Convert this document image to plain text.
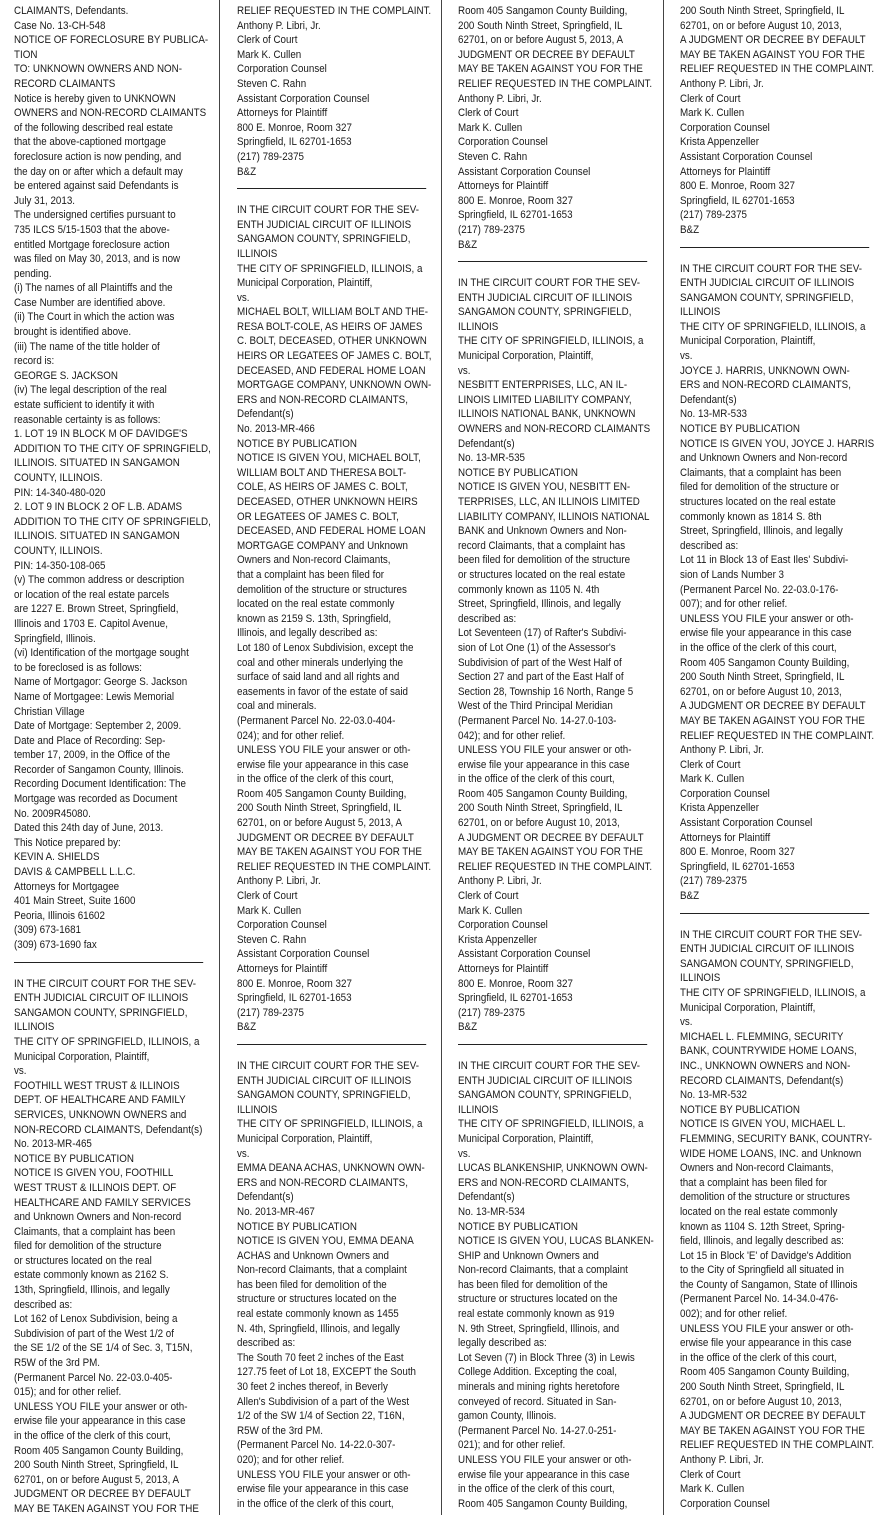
CLAIMANTS, Defendants.
Case No. 13-CH-548
NOTICE OF FORECLOSURE BY PUBLICA-
TION
TO: UNKNOWN OWNERS AND NON-
RECORD CLAIMANTS
Notice is hereby given to UNKNOWN
OWNERS and NON-RECORD CLAIMANTS
of the following described real estate
that the above-captioned mortgage
foreclosure action is now pending, and
the day on or after which a default may
be entered against said Defendants is
July 31, 2013.
The undersigned certifies pursuant to
735 ILCS 5/15-1503 that the above-
entitled Mortgage foreclosure action
was filed on May 30, 2013, and is now
pending.
(i) The names of all Plaintiffs and the
Case Number are identified above.
(ii) The Court in which the action was
brought is identified above.
(iii) The name of the title holder of
record is:
GEORGE S. JACKSON
(iv) The legal description of the real
estate sufficient to identify it with
reasonable certainty is as follows:
1. LOT 19 IN BLOCK M OF DAVIDGE'S
ADDITION TO THE CITY OF SPRINGFIELD,
ILLINOIS. SITUATED IN SANGAMON
COUNTY, ILLINOIS.
PIN: 14-340-480-020
2. LOT 9 IN BLOCK 2 OF L.B. ADAMS
ADDITION TO THE CITY OF SPRINGFIELD,
ILLINOIS. SITUATED IN SANGAMON
COUNTY, ILLINOIS.
PIN: 14-350-108-065
(v) The common address or description
or location of the real estate parcels
are 1227 E. Brown Street, Springfield,
Illinois and 1703 E. Capitol Avenue,
Springfield, Illinois.
(vi) Identification of the mortgage sought
to be foreclosed is as follows:
Name of Mortgagor: George S. Jackson
Name of Mortgagee: Lewis Memorial
Christian Village
Date of Mortgage: September 2, 2009.
Date and Place of Recording: Sep-
tember 17, 2009, in the Office of the
Recorder of Sangamon County, Illinois.
Recording Document Identification: The
Mortgage was recorded as Document
No. 2009R45080.
Dated this 24th day of June, 2013.
This Notice prepared by:
KEVIN A. SHIELDS
DAVIS & CAMPBELL L.L.C.
Attorneys for Mortgagee
401 Main Street, Suite 1600
Peoria, Illinois 61602
(309) 673-1681
(309) 673-1690 fax
IN THE CIRCUIT COURT FOR THE SEV-
ENTH JUDICIAL CIRCUIT OF ILLINOIS
SANGAMON COUNTY, SPRINGFIELD,
ILLINOIS
THE CITY OF SPRINGFIELD, ILLINOIS, a
Municipal Corporation, Plaintiff,
vs.
FOOTHILL WEST TRUST & ILLINOIS
DEPT. OF HEALTHCARE AND FAMILY
SERVICES, UNKNOWN OWNERS and
NON-RECORD CLAIMANTS, Defendant(s)
No. 2013-MR-465
NOTICE BY PUBLICATION
NOTICE IS GIVEN YOU, FOOTHILL
WEST TRUST & ILLINOIS DEPT. OF
HEALTHCARE AND FAMILY SERVICES
and Unknown Owners and Non-record
Claimants, that a complaint has been
filed for demolition of the structure
or structures located on the real
estate commonly known as 2162 S.
13th, Springfield, Illinois, and legally
described as:
Lot 162 of Lenox Subdivision, being a
Subdivision of part of the West 1/2 of
the SE 1/2 of the SE 1/4 of Sec. 3, T15N,
R5W of the 3rd PM.
(Permanent Parcel No. 22-03.0-405-
015); and for other relief.
UNLESS YOU FILE your answer or oth-
erwise file your appearance in this case
in the office of the clerk of this court,
Room 405 Sangamon County Building,
200 South Ninth Street, Springfield, IL
62701, on or before August 5, 2013, A
JUDGMENT OR DECREE BY DEFAULT
MAY BE TAKEN AGAINST YOU FOR THE
RELIEF REQUESTED IN THE COMPLAINT.
Anthony P. Libri, Jr.
Clerk of Court
Mark K. Cullen
Corporation Counsel
Steven C. Rahn
Assistant Corporation Counsel
Attorneys for Plaintiff
800 E. Monroe, Room 327
Springfield, IL 62701-1653
(217) 789-2375
B&Z
IN THE CIRCUIT COURT FOR THE SEV-
ENTH JUDICIAL CIRCUIT OF ILLINOIS
SANGAMON COUNTY, SPRINGFIELD,
ILLINOIS
THE CITY OF SPRINGFIELD, ILLINOIS, a
Municipal Corporation, Plaintiff,
vs.
MICHAEL BOLT, WILLIAM BOLT AND THE-
RESA BOLT-COLE, AS HEIRS OF JAMES
C. BOLT, DECEASED, OTHER UNKNOWN
HEIRS OR LEGATEES OF JAMES C. BOLT,
DECEASED, AND FEDERAL HOME LOAN
MORTGAGE COMPANY, UNKNOWN OWN-
ERS and NON-RECORD CLAIMANTS,
Defendant(s)
No. 2013-MR-466
NOTICE BY PUBLICATION
NOTICE IS GIVEN YOU, MICHAEL BOLT,
WILLIAM BOLT AND THERESA BOLT-
COLE, AS HEIRS OF JAMES C. BOLT,
DECEASED, OTHER UNKNOWN HEIRS
OR LEGATEES OF JAMES C. BOLT,
DECEASED, AND FEDERAL HOME LOAN
MORTGAGE COMPANY and Unknown
Owners and Non-record Claimants,
that a complaint has been filed for
demolition of the structure or structures
located on the real estate commonly
known as 2159 S. 13th, Springfield,
Illinois, and legally described as:
Lot 180 of Lenox Subdivision, except the
coal and other minerals underlying the
surface of said land and all rights and
easements in favor of the estate of said
coal and minerals.
(Permanent Parcel No. 22-03.0-404-
024); and for other relief.
UNLESS YOU FILE your answer or oth-
erwise file your appearance in this case
in the office of the clerk of this court,
Room 405 Sangamon County Building,
200 South Ninth Street, Springfield, IL
62701, on or before August 5, 2013, A
JUDGMENT OR DECREE BY DEFAULT
MAY BE TAKEN AGAINST YOU FOR THE
RELIEF REQUESTED IN THE COMPLAINT.
Anthony P. Libri, Jr.
Clerk of Court
Mark K. Cullen
Corporation Counsel
Steven C. Rahn
Assistant Corporation Counsel
Attorneys for Plaintiff
800 E. Monroe, Room 327
Springfield, IL 62701-1653
(217) 789-2375
B&Z
IN THE CIRCUIT COURT FOR THE SEV-
ENTH JUDICIAL CIRCUIT OF ILLINOIS
SANGAMON COUNTY, SPRINGFIELD,
ILLINOIS
THE CITY OF SPRINGFIELD, ILLINOIS, a
Municipal Corporation, Plaintiff,
vs.
EMMA DEANA ACHAS, UNKNOWN OWN-
ERS and NON-RECORD CLAIMANTS,
Defendant(s)
No. 2013-MR-467
NOTICE BY PUBLICATION
NOTICE IS GIVEN YOU, EMMA DEANA
ACHAS and Unknown Owners and
Non-record Claimants, that a complaint
has been filed for demolition of the
structure or structures located on the
real estate commonly known as 1455
N. 4th, Springfield, Illinois, and legally
described as:
The South 70 feet 2 inches of the East
127.75 feet of Lot 18, EXCEPT the South
30 feet 2 inches thereof, in Beverly
Allen's Subdivision of a part of the West
1/2 of the SW 1/4 of Section 22, T16N,
R5W of the 3rd PM.
(Permanent Parcel No. 14-22.0-307-
020); and for other relief.
UNLESS YOU FILE your answer or oth-
erwise file your appearance in this case
in the office of the clerk of this court,
Room 405 Sangamon County Building,
200 South Ninth Street, Springfield, IL
62701, on or before August 5, 2013, A
JUDGMENT OR DECREE BY DEFAULT
MAY BE TAKEN AGAINST YOU FOR THE
RELIEF REQUESTED IN THE COMPLAINT.
Anthony P. Libri, Jr.
Clerk of Court
Mark K. Cullen
Corporation Counsel
Steven C. Rahn
Assistant Corporation Counsel
Attorneys for Plaintiff
800 E. Monroe, Room 327
Springfield, IL 62701-1653
(217) 789-2375
B&Z
IN THE CIRCUIT COURT FOR THE SEV-
ENTH JUDICIAL CIRCUIT OF ILLINOIS
SANGAMON COUNTY, SPRINGFIELD,
ILLINOIS
THE CITY OF SPRINGFIELD, ILLINOIS, a
Municipal Corporation, Plaintiff,
vs.
NESBITT ENTERPRISES, LLC, AN IL-
LINOIS LIMITED LIABILITY COMPANY,
ILLINOIS NATIONAL BANK, UNKNOWN
OWNERS and NON-RECORD CLAIMANTS
Defendant(s)
No. 13-MR-535
NOTICE BY PUBLICATION
NOTICE IS GIVEN YOU, NESBITT EN-
TERPRISES, LLC, AN ILLINOIS LIMITED
LIABILITY COMPANY, ILLINOIS NATIONAL
BANK and Unknown Owners and Non-
record Claimants, that a complaint has
been filed for demolition of the structure
or structures located on the real estate
commonly known as 1105 N. 4th
Street, Springfield, Illinois, and legally
described as:
Lot Seventeen (17) of Rafter's Subdivi-
sion of Lot One (1) of the Assessor's
Subdivision of part of the West Half of
Section 27 and part of the East Half of
Section 28, Township 16 North, Range 5
West of the Third Principal Meridian
(Permanent Parcel No. 14-27.0-103-
042); and for other relief.
UNLESS YOU FILE your answer or oth-
erwise file your appearance in this case
in the office of the clerk of this court,
Room 405 Sangamon County Building,
200 South Ninth Street, Springfield, IL
62701, on or before August 10, 2013,
A JUDGMENT OR DECREE BY DEFAULT
MAY BE TAKEN AGAINST YOU FOR THE
RELIEF REQUESTED IN THE COMPLAINT.
Anthony P. Libri, Jr.
Clerk of Court
Mark K. Cullen
Corporation Counsel
Krista Appenzeller
Assistant Corporation Counsel
Attorneys for Plaintiff
800 E. Monroe, Room 327
Springfield, IL 62701-1653
(217) 789-2375
B&Z
IN THE CIRCUIT COURT FOR THE SEV-
ENTH JUDICIAL CIRCUIT OF ILLINOIS
SANGAMON COUNTY, SPRINGFIELD,
ILLINOIS
THE CITY OF SPRINGFIELD, ILLINOIS, a
Municipal Corporation, Plaintiff,
vs.
LUCAS BLANKENSHIP, UNKNOWN OWN-
ERS and NON-RECORD CLAIMANTS,
Defendant(s)
No. 13-MR-534
NOTICE BY PUBLICATION
NOTICE IS GIVEN YOU, LUCAS BLANKEN-
SHIP and Unknown Owners and
Non-record Claimants, that a complaint
has been filed for demolition of the
structure or structures located on the
real estate commonly known as 919
N. 9th Street, Springfield, Illinois, and
legally described as:
Lot Seven (7) in Block Three (3) in Lewis
College Addition. Excepting the coal,
minerals and mining rights heretofore
conveyed of record. Situated in San-
gamon County, Illinois.
(Permanent Parcel No. 14-27.0-251-
021); and for other relief.
UNLESS YOU FILE your answer or oth-
erwise file your appearance in this case
in the office of the clerk of this court,
Room 405 Sangamon County Building,
200 South Ninth Street, Springfield, IL
62701, on or before August 10, 2013,
A JUDGMENT OR DECREE BY DEFAULT
MAY BE TAKEN AGAINST YOU FOR THE
RELIEF REQUESTED IN THE COMPLAINT.
Anthony P. Libri, Jr.
Clerk of Court
Mark K. Cullen
Corporation Counsel
Krista Appenzeller
Assistant Corporation Counsel
Attorneys for Plaintiff
800 E. Monroe, Room 327
Springfield, IL 62701-1653
(217) 789-2375
B&Z
IN THE CIRCUIT COURT FOR THE SEV-
ENTH JUDICIAL CIRCUIT OF ILLINOIS
SANGAMON COUNTY, SPRINGFIELD,
ILLINOIS
THE CITY OF SPRINGFIELD, ILLINOIS, a
Municipal Corporation, Plaintiff,
vs.
JOYCE J. HARRIS, UNKNOWN OWN-
ERS and NON-RECORD CLAIMANTS,
Defendant(s)
No. 13-MR-533
NOTICE BY PUBLICATION
NOTICE IS GIVEN YOU, JOYCE J. HARRIS
and Unknown Owners and Non-record
Claimants, that a complaint has been
filed for demolition of the structure or
structures located on the real estate
commonly known as 1814 S. 8th
Street, Springfield, Illinois, and legally
described as:
Lot 11 in Block 13 of East Iles' Subdivi-
sion of Lands Number 3
(Permanent Parcel No. 22-03.0-176-
007); and for other relief.
UNLESS YOU FILE your answer or oth-
erwise file your appearance in this case
in the office of the clerk of this court,
Room 405 Sangamon County Building,
200 South Ninth Street, Springfield, IL
62701, on or before August 10, 2013,
A JUDGMENT OR DECREE BY DEFAULT
MAY BE TAKEN AGAINST YOU FOR THE
RELIEF REQUESTED IN THE COMPLAINT.
Anthony P. Libri, Jr.
Clerk of Court
Mark K. Cullen
Corporation Counsel
Krista Appenzeller
Assistant Corporation Counsel
Attorneys for Plaintiff
800 E. Monroe, Room 327
Springfield, IL 62701-1653
(217) 789-2375
B&Z
IN THE CIRCUIT COURT FOR THE SEV-
ENTH JUDICIAL CIRCUIT OF ILLINOIS
SANGAMON COUNTY, SPRINGFIELD,
ILLINOIS
THE CITY OF SPRINGFIELD, ILLINOIS, a
Municipal Corporation, Plaintiff,
vs.
MICHAEL L. FLEMMING, SECURITY
BANK, COUNTRYWIDE HOME LOANS,
INC., UNKNOWN OWNERS and NON-
RECORD CLAIMANTS, Defendant(s)
No. 13-MR-532
NOTICE BY PUBLICATION
NOTICE IS GIVEN YOU, MICHAEL L.
FLEMMING, SECURITY BANK, COUNTRY-
WIDE HOME LOANS, INC. and Unknown
Owners and Non-record Claimants,
that a complaint has been filed for
demolition of the structure or structures
located on the real estate commonly
known as 1104 S. 12th Street, Spring-
field, Illinois, and legally described as:
Lot 15 in Block 'E' of Davidge's Addition
to the City of Springfield all situated in
the County of Sangamon, State of Illinois
(Permanent Parcel No. 14-34.0-476-
002); and for other relief.
UNLESS YOU FILE your answer or oth-
erwise file your appearance in this case
in the office of the clerk of this court,
Room 405 Sangamon County Building,
200 South Ninth Street, Springfield, IL
62701, on or before August 10, 2013,
A JUDGMENT OR DECREE BY DEFAULT
MAY BE TAKEN AGAINST YOU FOR THE
RELIEF REQUESTED IN THE COMPLAINT.
Anthony P. Libri, Jr.
Clerk of Court
Mark K. Cullen
Corporation Counsel
